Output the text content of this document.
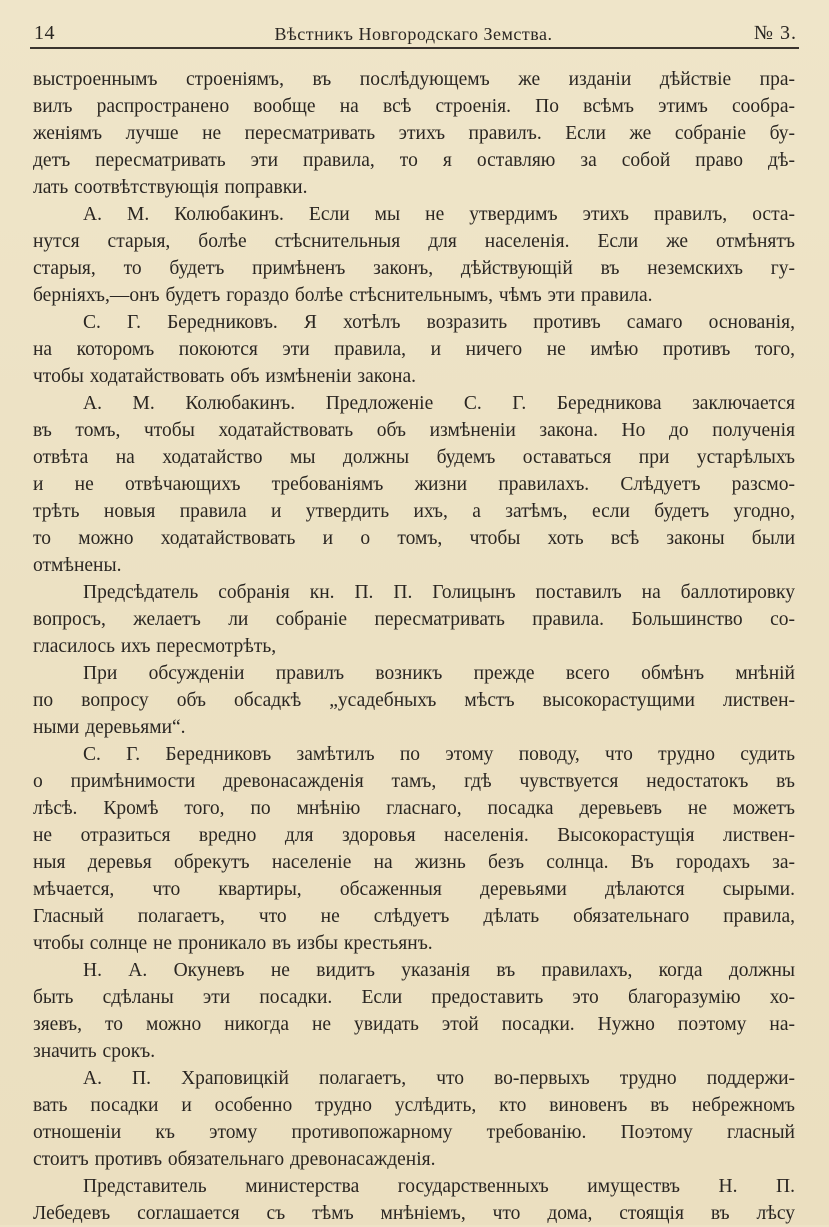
14	Вѣстникъ Новгородскаго Земства.	№ 3.
выстроеннымъ строеніямъ, въ послѣдующемъ же изданіи дѣйствіе пра-
вилъ распространено вообще на всѣ строенія. По всѣмъ этимъ сообра-
женіямъ лучше не пересматривать этихъ правилъ. Если же собраніе бу-
детъ пересматривать эти правила, то я оставляю за собой право дѣ-
лать соотвѣтствующія поправки.
А. М. Колюбакинъ. Если мы не утвердимъ этихъ правилъ, оста-
нутся старыя, болѣе стѣснительныя для населенія. Если же отмѣнятъ
старыя, то будетъ примѣненъ законъ, дѣйствующій въ неземскихъ гу-
берніяхъ,—онъ будетъ гораздо болѣе стѣснительнымъ, чѣмъ эти правила.
С. Г. Бередниковъ. Я хотѣлъ возразить противъ самаго основанія,
на которомъ покоются эти правила, и ничего не имѣю противъ того,
чтобы ходатайствовать объ измѣненіи закона.
А. М. Колюбакинъ. Предложеніе С. Г. Бередникова заключается
въ томъ, чтобы ходатайствовать объ измѣненіи закона. Но до полученія
отвѣта на ходатайство мы должны будемъ оставаться при устарѣлыхъ
и не отвѣчающихъ требованіямъ жизни правилахъ. Слѣдуетъ разсмо-
трѣть новыя правила и утвердить ихъ, а затѣмъ, если будетъ угодно,
то можно ходатайствовать и о томъ, чтобы хоть всѣ законы были
отмѣнены.
Предсѣдатель собранія кн. П. П. Голицынъ поставилъ на баллотировку
вопросъ, желаетъ ли собраніе пересматривать правила. Большинство со-
гласилось ихъ пересмотрѣть,
При обсужденіи правилъ возникъ прежде всего обмѣнъ мнѣній
по вопросу объ обсадкѣ „усадебныхъ мѣстъ высокорастущими листвен-
ными деревьями“.
С. Г. Бередниковъ замѣтилъ по этому поводу, что трудно судить
о примѣнимости древонасажденія тамъ, гдѣ чувствуется недостатокъ въ
лѣсѣ. Кромѣ того, по мнѣнію гласнаго, посадка деревьевъ не можетъ
не отразиться вредно для здоровья населенія. Высокорастущія листвен-
ныя деревья обрекутъ населеніе на жизнь безъ солнца. Въ городахъ за-
мѣчается, что квартиры, обсаженныя деревьями дѣлаются сырыми.
Гласный полагаетъ, что не слѣдуетъ дѣлать обязательнаго правила,
чтобы солнце не проникало въ избы крестьянъ.
Н. А. Окуневъ не видитъ указанія въ правилахъ, когда должны
быть сдѣланы эти посадки. Если предоставить это благоразумію хо-
зяевъ, то можно никогда не увидать этой посадки. Нужно поэтому на-
значить срокъ.
А. П. Храповицкій полагаетъ, что во-первыхъ трудно поддержи-
вать посадки и особенно трудно услѣдить, кто виновенъ въ небрежномъ
отношеніи къ этому противопожарному требованію. Поэтому гласный
стоитъ противъ обязательнаго древонасажденія.
Представитель министерства государственныхъ имуществъ Н. П.
Лебедевъ соглашается съ тѣмъ мнѣніемъ, что дома, стоящія въ лѣсу
